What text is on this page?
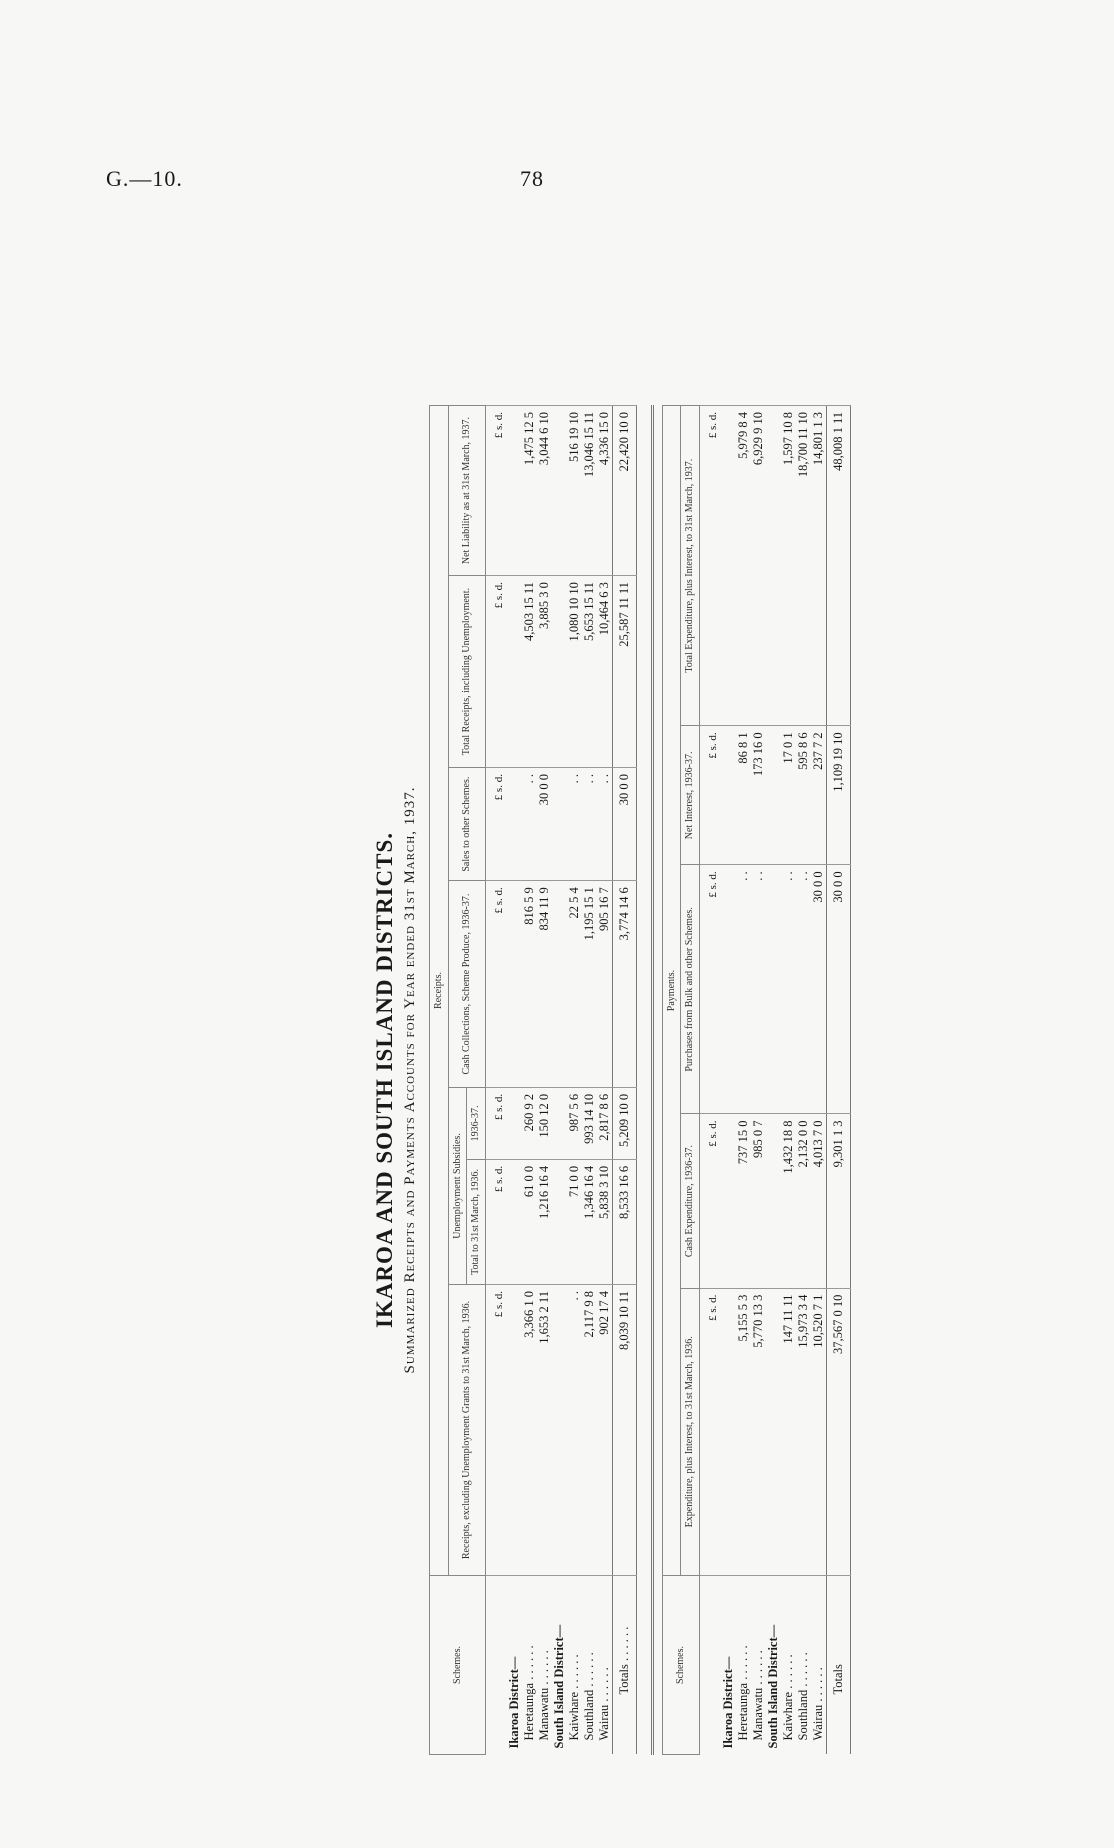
G.—10.	78
IKAROA AND SOUTH ISLAND DISTRICTS. Summarized Receipts and Payments Accounts for Year ended 31st March, 1937.
Schemes.	Receipts.						
	Receipts, excluding Unemployment Grants to 31st March, 1936.	Unemployment Subsidies.		Cash Collections, Scheme Produce, 1936-37.	Sales to other Schemes.	Total Receipts, including Unemployment.	Net Liability as at 31st March, 1937.
		Total to 31st March, 1936.	1936-37.				
	£ s. d.	£ s. d.	£ s. d.	£ s. d.	£ s. d.	£ s. d.	£ s. d.
Ikaroa District—							
Heretaunga . . . . . .	3,366 1 0	61 0 0	260 9 2	816 5 9	. .	4,503 15 11	1,475 12 5
Manawatu . . . . . .	1,653 2 11	1,216 16 4	150 12 0	834 11 9	30 0 0	3,885 3 0	3,044 6 10
South Island District—							
Kaiwhare . . . . . .	. .	71 0 0	987 5 6	22 5 4	. .	1,080 10 10	516 19 10
Southland . . . . . .	2,117 9 8	1,346 16 4	993 14 10	1,195 15 1	. .	5,653 15 11	13,046 15 11
Wairau . . . . . .	902 17 4	5,838 3 10	2,817 8 6	905 16 7	. .	10,464 6 3	4,336 15 0
Totals . . . . . .	8,039 10 11	8,533 16 6	5,209 10 0	3,774 14 6	30 0 0	25,587 11 11	22,420 10 0
Schemes.	Payments.				
	Expenditure, plus Interest, to 31st March, 1936.	Cash Expenditure, 1936-37.	Purchases from Bulk and other Schemes.	Net Interest, 1936-37.	Total Expenditure, plus Interest, to 31st March, 1937.
	£ s. d.	£ s. d.	£ s. d.	£ s. d.	£ s. d.
Ikaroa District—					
Heretaunga . . . . . .	5,155 5 3	737 15 0	. .	86 8 1	5,979 8 4
Manawatu . . . . . .	5,770 13 3	985 0 7	. .	173 16 0	6,929 9 10
South Island District—					
Kaiwhare . . . . . .	147 11 11	1,432 18 8	. .	17 0 1	1,597 10 8
Southland . . . . . .	15,973 3 4	2,132 0 0	. .	595 8 6	18,700 11 10
Wairau . . . . . .	10,520 7 1	4,013 7 0	30 0 0	237 7 2	14,801 1 3
Totals	37,567 0 10	9,301 1 3	30 0 0	1,109 19 10	48,008 1 11
